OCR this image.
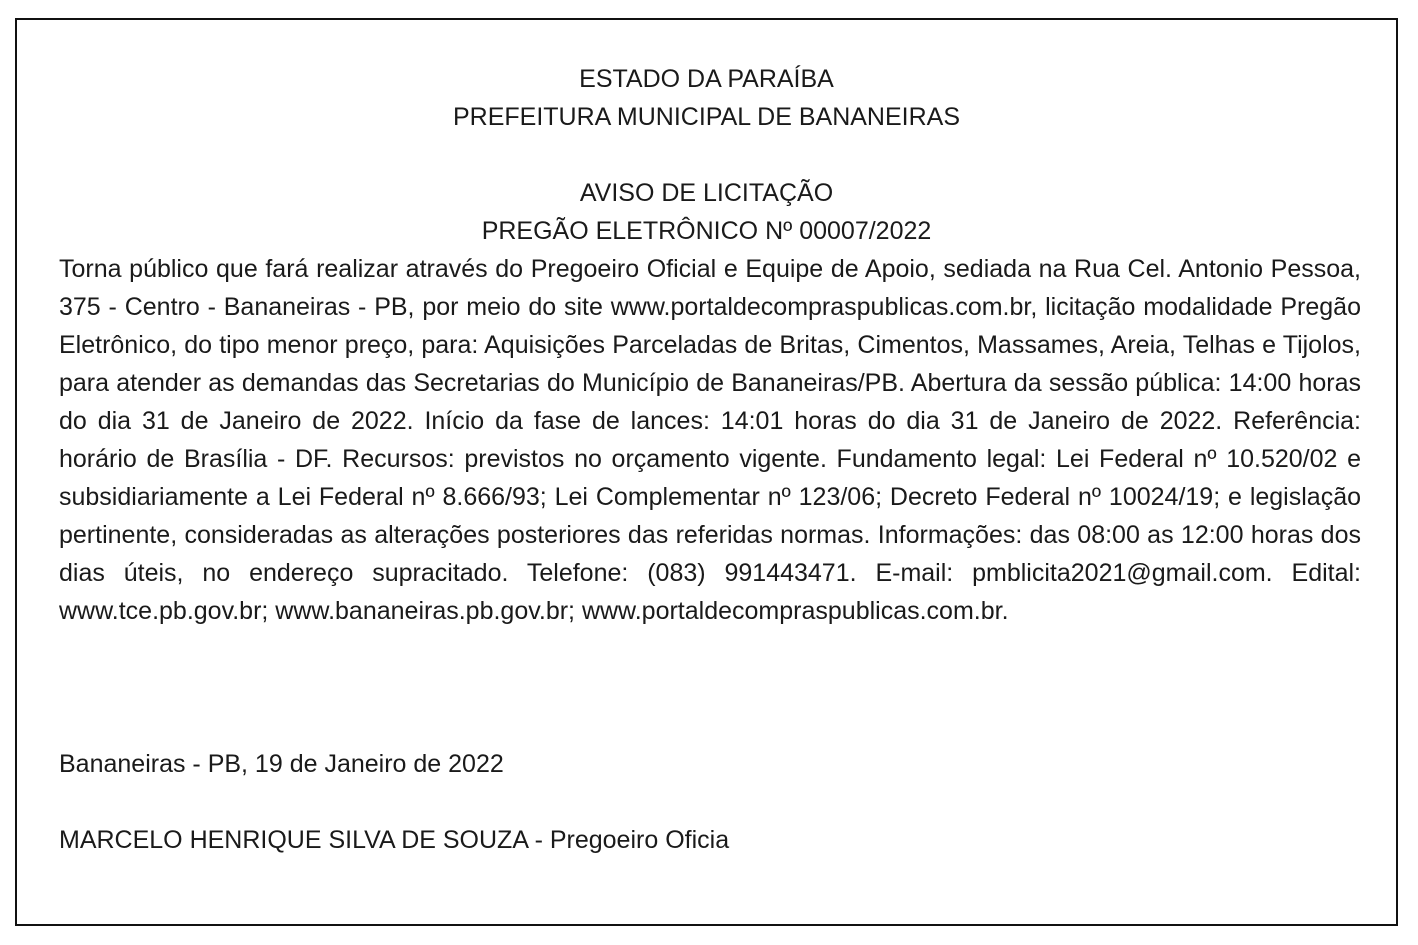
ESTADO DA PARAÍBA
PREFEITURA MUNICIPAL DE BANANEIRAS
AVISO DE LICITAÇÃO
PREGÃO ELETRÔNICO Nº 00007/2022

Torna público que fará realizar através do Pregoeiro Oficial e Equipe de Apoio, sediada na Rua Cel. Antonio Pessoa, 375 - Centro - Bananeiras - PB, por meio do site www.portaldecompraspublicas.com.br, licitação modalidade Pregão Eletrônico, do tipo menor preço, para: Aquisições Parceladas de Britas, Cimentos, Massames, Areia, Telhas e Tijolos, para atender as demandas das Secretarias do Município de Bananeiras/PB. Abertura da sessão pública: 14:00 horas do dia 31 de Janeiro de 2022. Início da fase de lances: 14:01 horas do dia 31 de Janeiro de 2022. Referência: horário de Brasília - DF. Recursos: previstos no orçamento vigente. Fundamento legal: Lei Federal nº 10.520/02 e subsidiariamente a Lei Federal nº 8.666/93; Lei Complementar nº 123/06; Decreto Federal nº 10024/19; e legislação pertinente, consideradas as alterações posteriores das referidas normas. Informações: das 08:00 as 12:00 horas dos dias úteis, no endereço supracitado. Telefone: (083) 991443471. E-mail: pmblicita2021@gmail.com. Edital: www.tce.pb.gov.br; www.bananeiras.pb.gov.br; www.portaldecompraspublicas.com.br.

Bananeiras - PB, 19 de Janeiro de 2022

MARCELO HENRIQUE SILVA DE SOUZA - Pregoeiro Oficia
